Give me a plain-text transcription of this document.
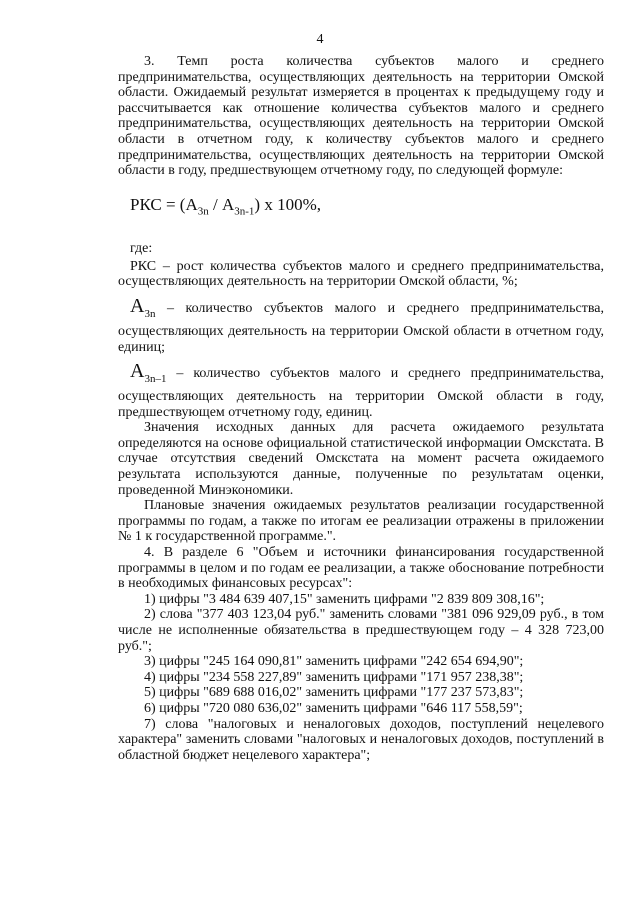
4

3. Темп роста количества субъектов малого и среднего предпринимательства, осуществляющих деятельность на территории Омской области. Ожидаемый результат измеряется в процентах к предыдущему году и рассчитывается как отношение количества субъектов малого и среднего предпринимательства, осуществляющих деятельность на территории Омской области в отчетном году, к количеству субъектов малого и среднего предпринимательства, осуществляющих деятельность на территории Омской области в году, предшествующем отчетному году, по следующей формуле:

РКС = $(А_{3n} / А_{3n-1})$ x 100%,

где:

РКС – рост количества субъектов малого и среднего предпринимательства, осуществляющих деятельность на территории Омской области, %;

$А_{3n}$ – количество субъектов малого и среднего предпринимательства, осуществляющих деятельность на территории Омской области в отчетном году, единиц;

$А_{3n-1}$ – количество субъектов малого и среднего предпринимательства, осуществляющих деятельность на территории Омской области в году, предшествующем отчетному году, единиц.

Значения исходных данных для расчета ожидаемого результата определяются на основе официальной статистической информации Омскстата. В случае отсутствия сведений Омскстата на момент расчета ожидаемого результата используются данные, полученные по результатам оценки, проведенной Минэкономики.

Плановые значения ожидаемых результатов реализации государственной программы по годам, а также по итогам ее реализации отражены в приложении № 1 к государственной программе.".

4. В разделе 6 "Объем и источники финансирования государственной программы в целом и по годам ее реализации, а также обоснование потребности в необходимых финансовых ресурсах":

1) цифры "3 484 639 407,15" заменить цифрами "2 839 809 308,16";

2) слова "377 403 123,04 руб." заменить словами "381 096 929,09 руб., в том числе не исполненные обязательства в предшествующем году – 4 328 723,00 руб.";

3) цифры "245 164 090,81" заменить цифрами "242 654 694,90";

4) цифры "234 558 227,89" заменить цифрами "171 957 238,38";

5) цифры "689 688 016,02" заменить цифрами "177 237 573,83";

6) цифры "720 080 636,02" заменить цифрами "646 117 558,59";

7) слова "налоговых и неналоговых доходов, поступлений нецелевого характера" заменить словами "налоговых и неналоговых доходов, поступлений в областной бюджет нецелевого характера";
